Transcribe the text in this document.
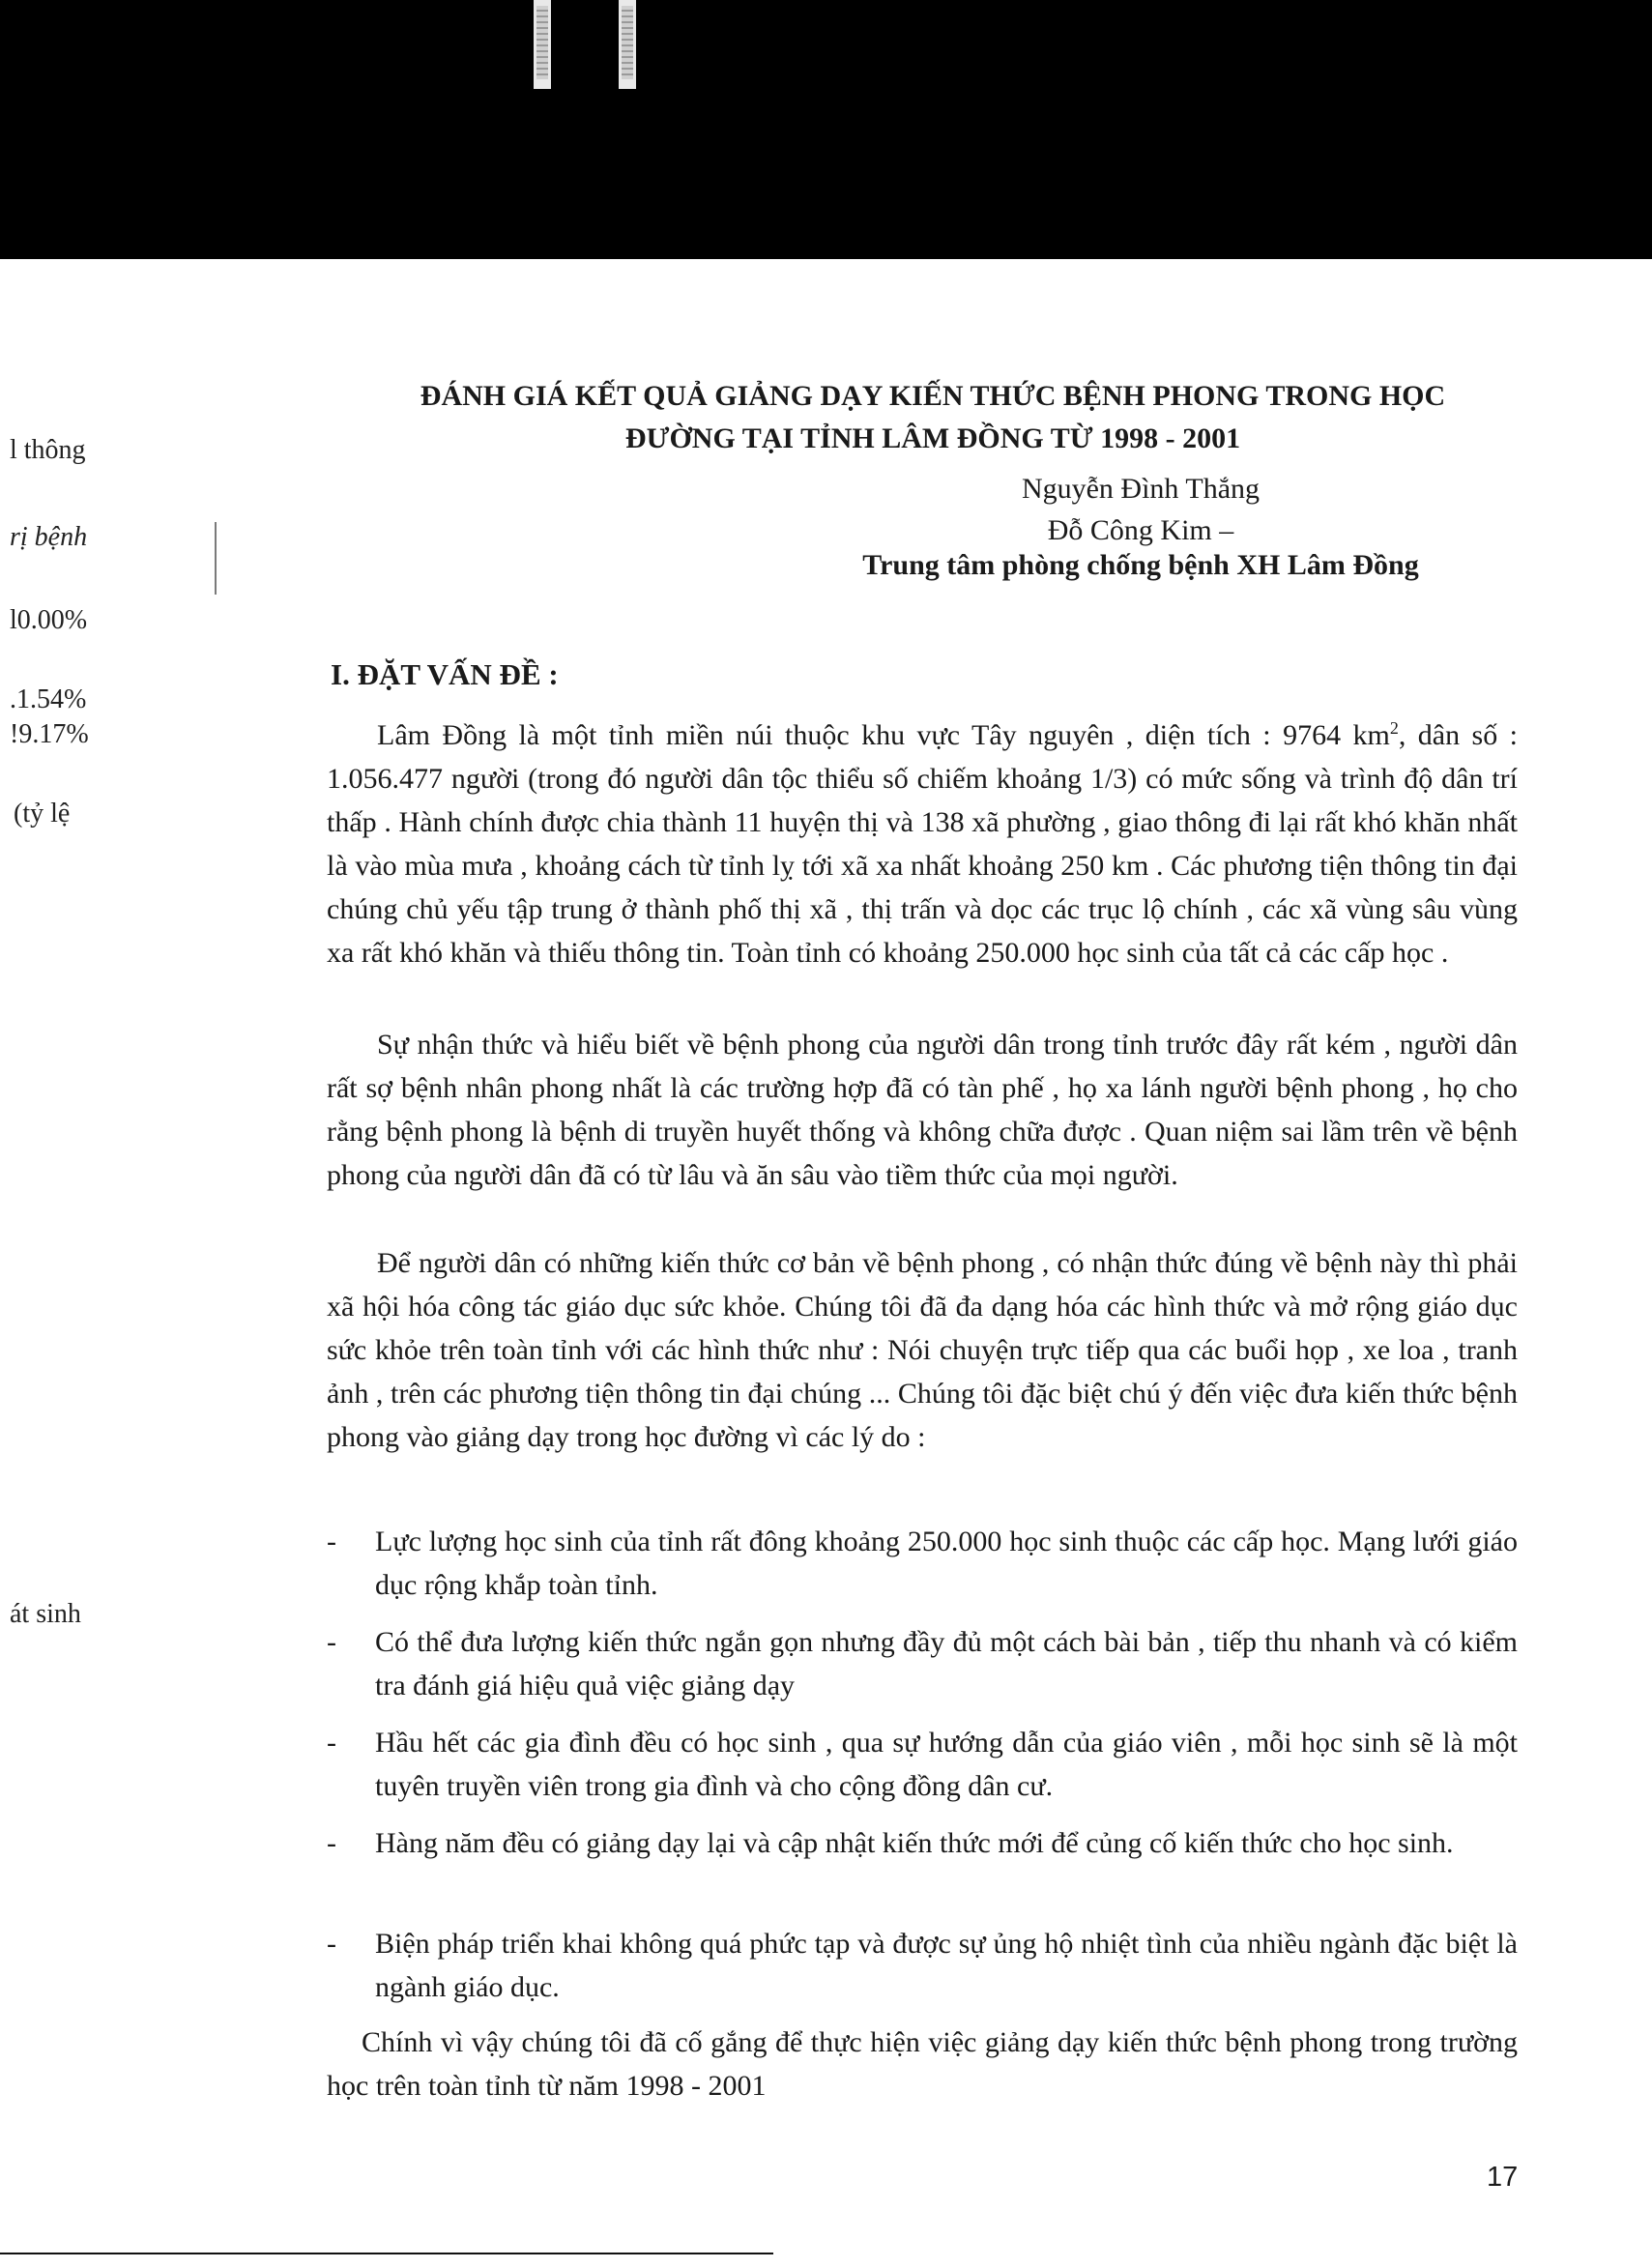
l thông
rị bệnh
l0.00%
.1.54%
!9.17%
(tỷ lệ
át sinh
ĐÁNH GIÁ KẾT QUẢ GIẢNG DẠY KIẾN THỨC BỆNH PHONG TRONG HỌC
ĐƯỜNG TẠI TỈNH LÂM ĐỒNG TỪ 1998 - 2001
Nguyễn Đình Thắng
Đỗ Công Kim –
Trung tâm phòng chống bệnh XH Lâm Đồng
I. ĐẶT VẤN ĐỀ :

Lâm Đồng là một tỉnh miền núi thuộc khu vực Tây nguyên , diện tích : 9764 $km^2$, dân số : 1.056.477 người (trong đó người dân tộc thiểu số chiếm khoảng 1/3) có mức sống và trình độ dân trí thấp . Hành chính được chia thành 11 huyện thị và 138 xã phường , giao thông đi lại rất khó khăn nhất là vào mùa mưa , khoảng cách từ tỉnh lỵ tới xã xa nhất khoảng 250 km . Các phương tiện thông tin đại chúng chủ yếu tập trung ở thành phố thị xã , thị trấn và dọc các trục lộ chính , các xã vùng sâu vùng xa rất khó khăn và thiếu thông tin. Toàn tỉnh có khoảng 250.000 học sinh của tất cả các cấp học .

Sự nhận thức và hiểu biết về bệnh phong của người dân trong tỉnh trước đây rất kém , người dân rất sợ bệnh nhân phong nhất là các trường hợp đã có tàn phế , họ xa lánh người bệnh phong , họ cho rằng bệnh phong là bệnh di truyền huyết thống và không chữa được . Quan niệm sai lầm trên về bệnh phong của người dân đã có từ lâu và ăn sâu vào tiềm thức của mọi người.

Để người dân có những kiến thức cơ bản về bệnh phong , có nhận thức đúng về bệnh này thì phải xã hội hóa công tác giáo dục sức khỏe. Chúng tôi đã đa dạng hóa các hình thức và mở rộng giáo dục sức khỏe trên toàn tỉnh với các hình thức như : Nói chuyện trực tiếp qua các buổi họp , xe loa , tranh ảnh , trên các phương tiện thông tin đại chúng ... Chúng tôi đặc biệt chú ý đến việc đưa kiến thức bệnh phong vào giảng dạy trong học đường vì các lý do :

-	Lực lượng học sinh của tỉnh rất đông khoảng 250.000 học sinh thuộc các cấp học. Mạng lưới giáo dục rộng khắp toàn tỉnh.
-	Có thể đưa lượng kiến thức ngắn gọn nhưng đầy đủ một cách bài bản , tiếp thu nhanh và có kiểm tra đánh giá hiệu quả việc giảng dạy
-	Hầu hết các gia đình đều có học sinh , qua sự hướng dẫn của giáo viên , mỗi học sinh sẽ là một tuyên truyền viên trong gia đình và cho cộng đồng dân cư.
-	Hàng năm đều có giảng dạy lại và cập nhật kiến thức mới để củng cố kiến thức cho học sinh.
-	Biện pháp triển khai không quá phức tạp và được sự ủng hộ nhiệt tình của nhiều ngành đặc biệt là ngành giáo dục.

Chính vì vậy chúng tôi đã cố gắng để thực hiện việc giảng dạy kiến thức bệnh phong trong trường học trên toàn tỉnh từ năm 1998 - 2001

17
